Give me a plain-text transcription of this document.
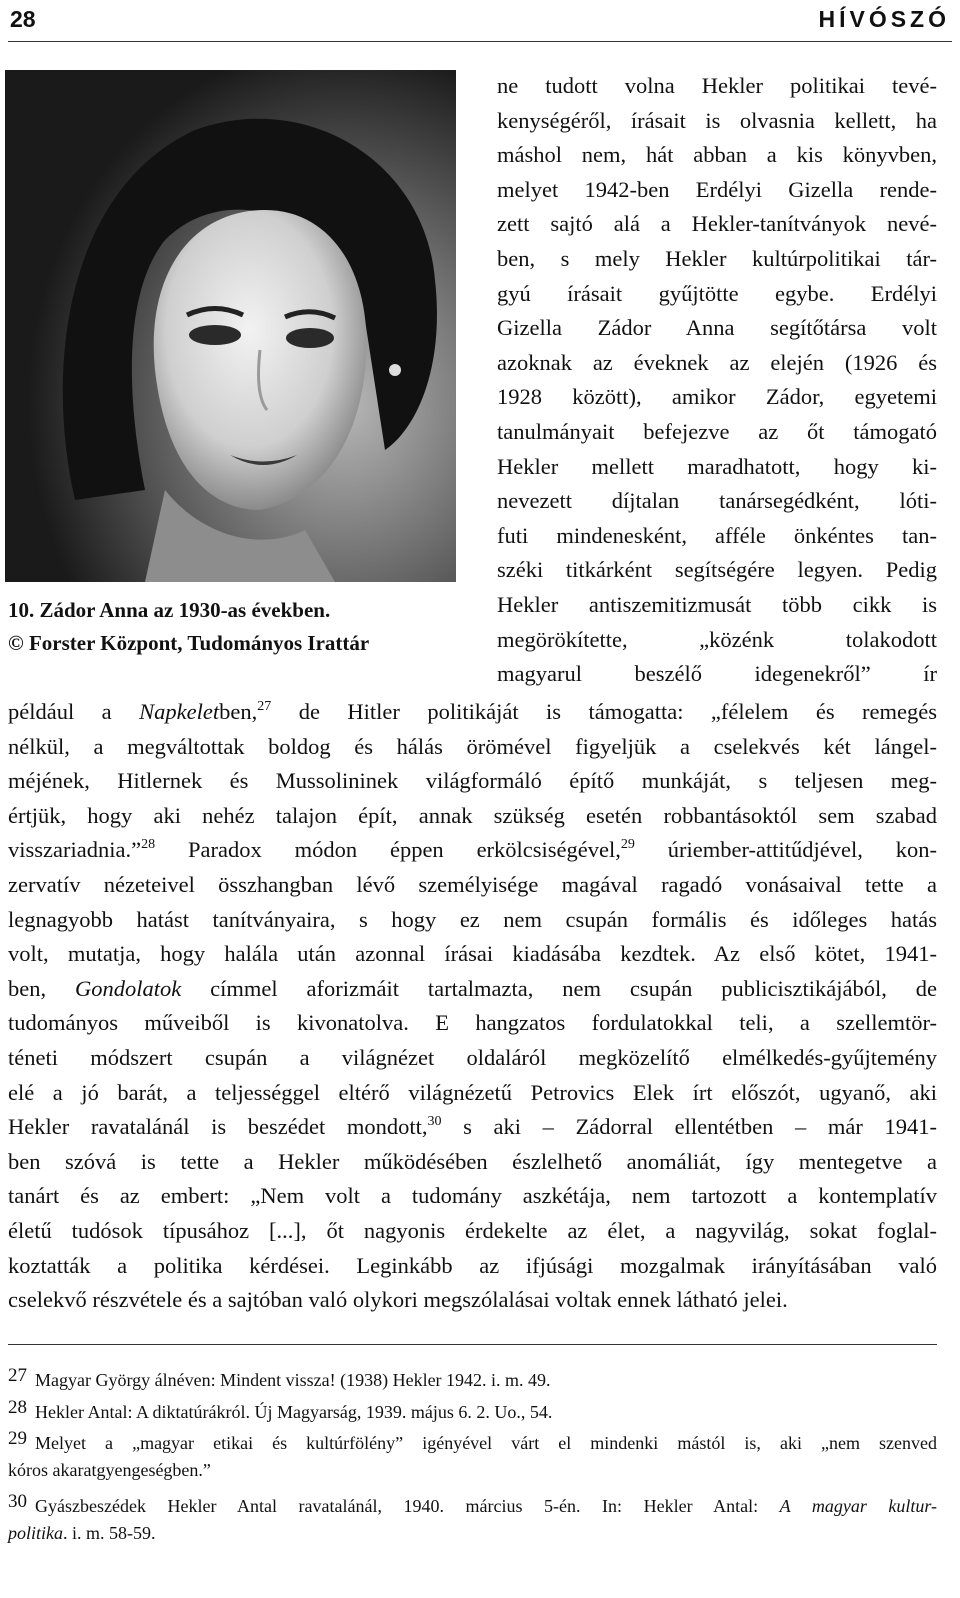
28	HÍVÓSZÓ
10. Zádor Anna az 1930-as években.
© Forster Központ, Tudományos Irattár
ne tudott volna Hekler politikai tevé-
kenységéről, írásait is olvasnia kellett, ha
máshol nem, hát abban a kis könyvben,
melyet 1942-ben Erdélyi Gizella rende-
zett sajtó alá a Hekler-tanítványok nevé-
ben, s mely Hekler kultúrpolitikai tár-
gyú írásait gyűjtötte egybe. Erdélyi
Gizella Zádor Anna segítőtársa volt
azoknak az éveknek az elején (1926 és
1928 között), amikor Zádor, egyetemi
tanulmányait befejezve az őt támogató
Hekler mellett maradhatott, hogy ki-
nevezett díjtalan tanársegédként, lóti-
futi mindenesként, afféle önkéntes tan-
széki titkárként segítségére legyen. Pedig
Hekler antiszemitizmusát több cikk is
megörökítette, „közénk tolakodott
magyarul beszélő idegenekről” ír
például a Napkeletben,$^{27}$ de Hitler politikáját is támogatta: „félelem és remegés
nélkül, a megváltottak boldog és hálás örömével figyeljük a cselekvés két lángel-
méjének, Hitlernek és Mussolininek világformáló építő munkáját, s teljesen meg-
értjük, hogy aki nehéz talajon épít, annak szükség esetén robbantásoktól sem szabad
visszariadnia.”$^{28}$ Paradox módon éppen erkölcsiségével,$^{29}$ úriember-attitűdjével, kon-
zervatív nézeteivel összhangban lévő személyisége magával ragadó vonásaival tette a
legnagyobb hatást tanítványaira, s hogy ez nem csupán formális és időleges hatás
volt, mutatja, hogy halála után azonnal írásai kiadásába kezdtek. Az első kötet, 1941-
ben, Gondolatok címmel aforizmáit tartalmazta, nem csupán publicisztikájából, de
tudományos műveiből is kivonatolva. E hangzatos fordulatokkal teli, a szellemtör-
téneti módszert csupán a világnézet oldaláról megközelítő elmélkedés-gyűjtemény
elé a jó barát, a teljességgel eltérő világnézetű Petrovics Elek írt előszót, ugyanő, aki
Hekler ravatalánál is beszédet mondott,$^{30}$ s aki – Zádorral ellentétben – már 1941-
ben szóvá is tette a Hekler működésében észlelhető anomáliát, így mentegetve a
tanárt és az embert: „Nem volt a tudomány aszkétája, nem tartozott a kontemplatív
életű tudósok típusához [...], őt nagyonis érdekelte az élet, a nagyvilág, sokat foglal-
koztatták a politika kérdései. Leginkább az ifjúsági mozgalmak irányításában való
cselekvő részvétele és a sajtóban való olykori megszólalásai voltak ennek látható jelei.
27 Magyar György álnéven: Mindent vissza! (1938) Hekler 1942. i. m. 49.
28 Hekler Antal: A diktatúrákról. Új Magyarság, 1939. május 6. 2. Uo., 54.
29 Melyet a „magyar etikai és kultúrfölény” igényével várt el mindenki mástól is, aki „nem szenved
kóros akaratgyengeségben.”
30 Gyászbeszédek Hekler Antal ravatalánál, 1940. március 5-én. In: Hekler Antal: A magyar kultur-
politika. i. m. 58-59.
